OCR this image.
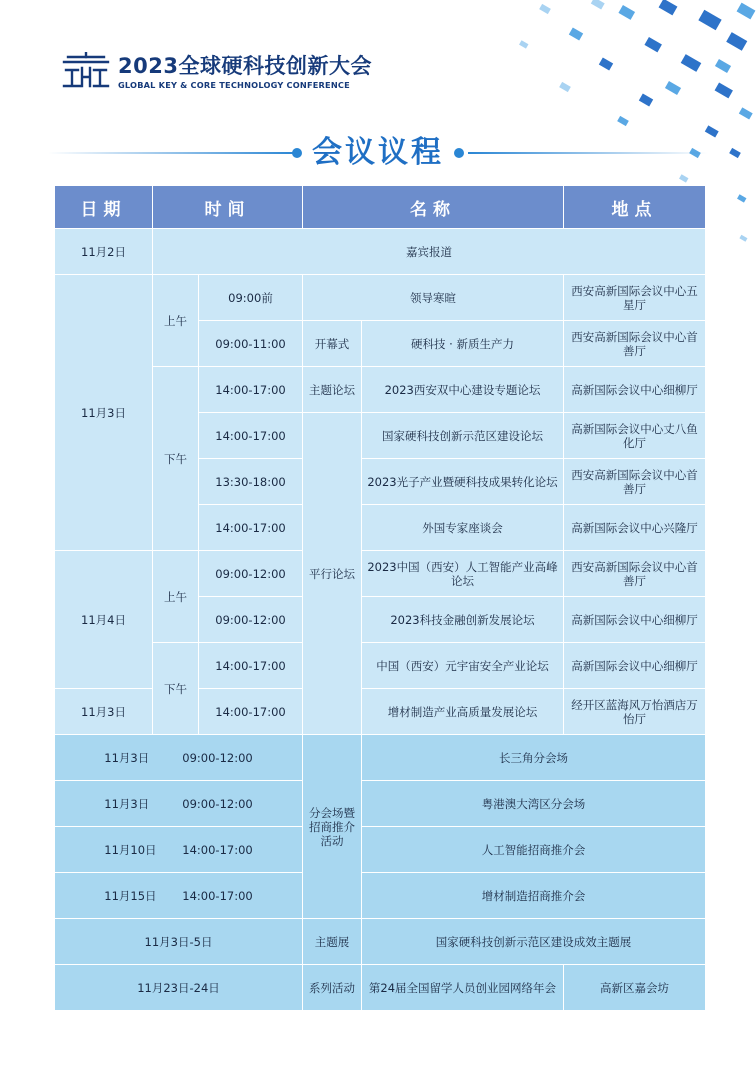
2023全球硬科技创新大会
GLOBAL KEY & CORE TECHNOLOGY CONFERENCE
会议议程
日期	时间		名称		地点
11月2日	嘉宾报道				
11月3日	上午	09:00前	领导寒暄		西安高新国际会议中心五星厅
		09:00-11:00	开幕式	硬科技 · 新质生产力	西安高新国际会议中心首善厅
	下午	14:00-17:00	主题论坛	2023西安双中心建设专题论坛	高新国际会议中心细柳厅
		14:00-17:00	平行论坛	国家硬科技创新示范区建设论坛	高新国际会议中心丈八鱼化厅
		13:30-18:00		2023光子产业暨硬科技成果转化论坛	西安高新国际会议中心首善厅
		14:00-17:00		外国专家座谈会	高新国际会议中心兴隆厅
11月4日	上午	09:00-12:00		2023中国（西安）人工智能产业高峰论坛	西安高新国际会议中心首善厅
		09:00-12:00		2023科技金融创新发展论坛	高新国际会议中心细柳厅
	下午	14:00-17:00		中国（西安）元宇宙安全产业论坛	高新国际会议中心细柳厅
11月3日		14:00-17:00		增材制造产业高质量发展论坛	经开区蓝海风万怡酒店万怡厅
11月3日 09:00-12:00			分会场暨招商推介活动	长三角分会场	
11月3日 09:00-12:00				粤港澳大湾区分会场	
11月10日 14:00-17:00				人工智能招商推介会	
11月15日 14:00-17:00				增材制造招商推介会	
11月3日-5日			主题展	国家硬科技创新示范区建设成效主题展	
11月23日-24日			系列活动	第24届全国留学人员创业园网络年会	高新区嘉会坊
